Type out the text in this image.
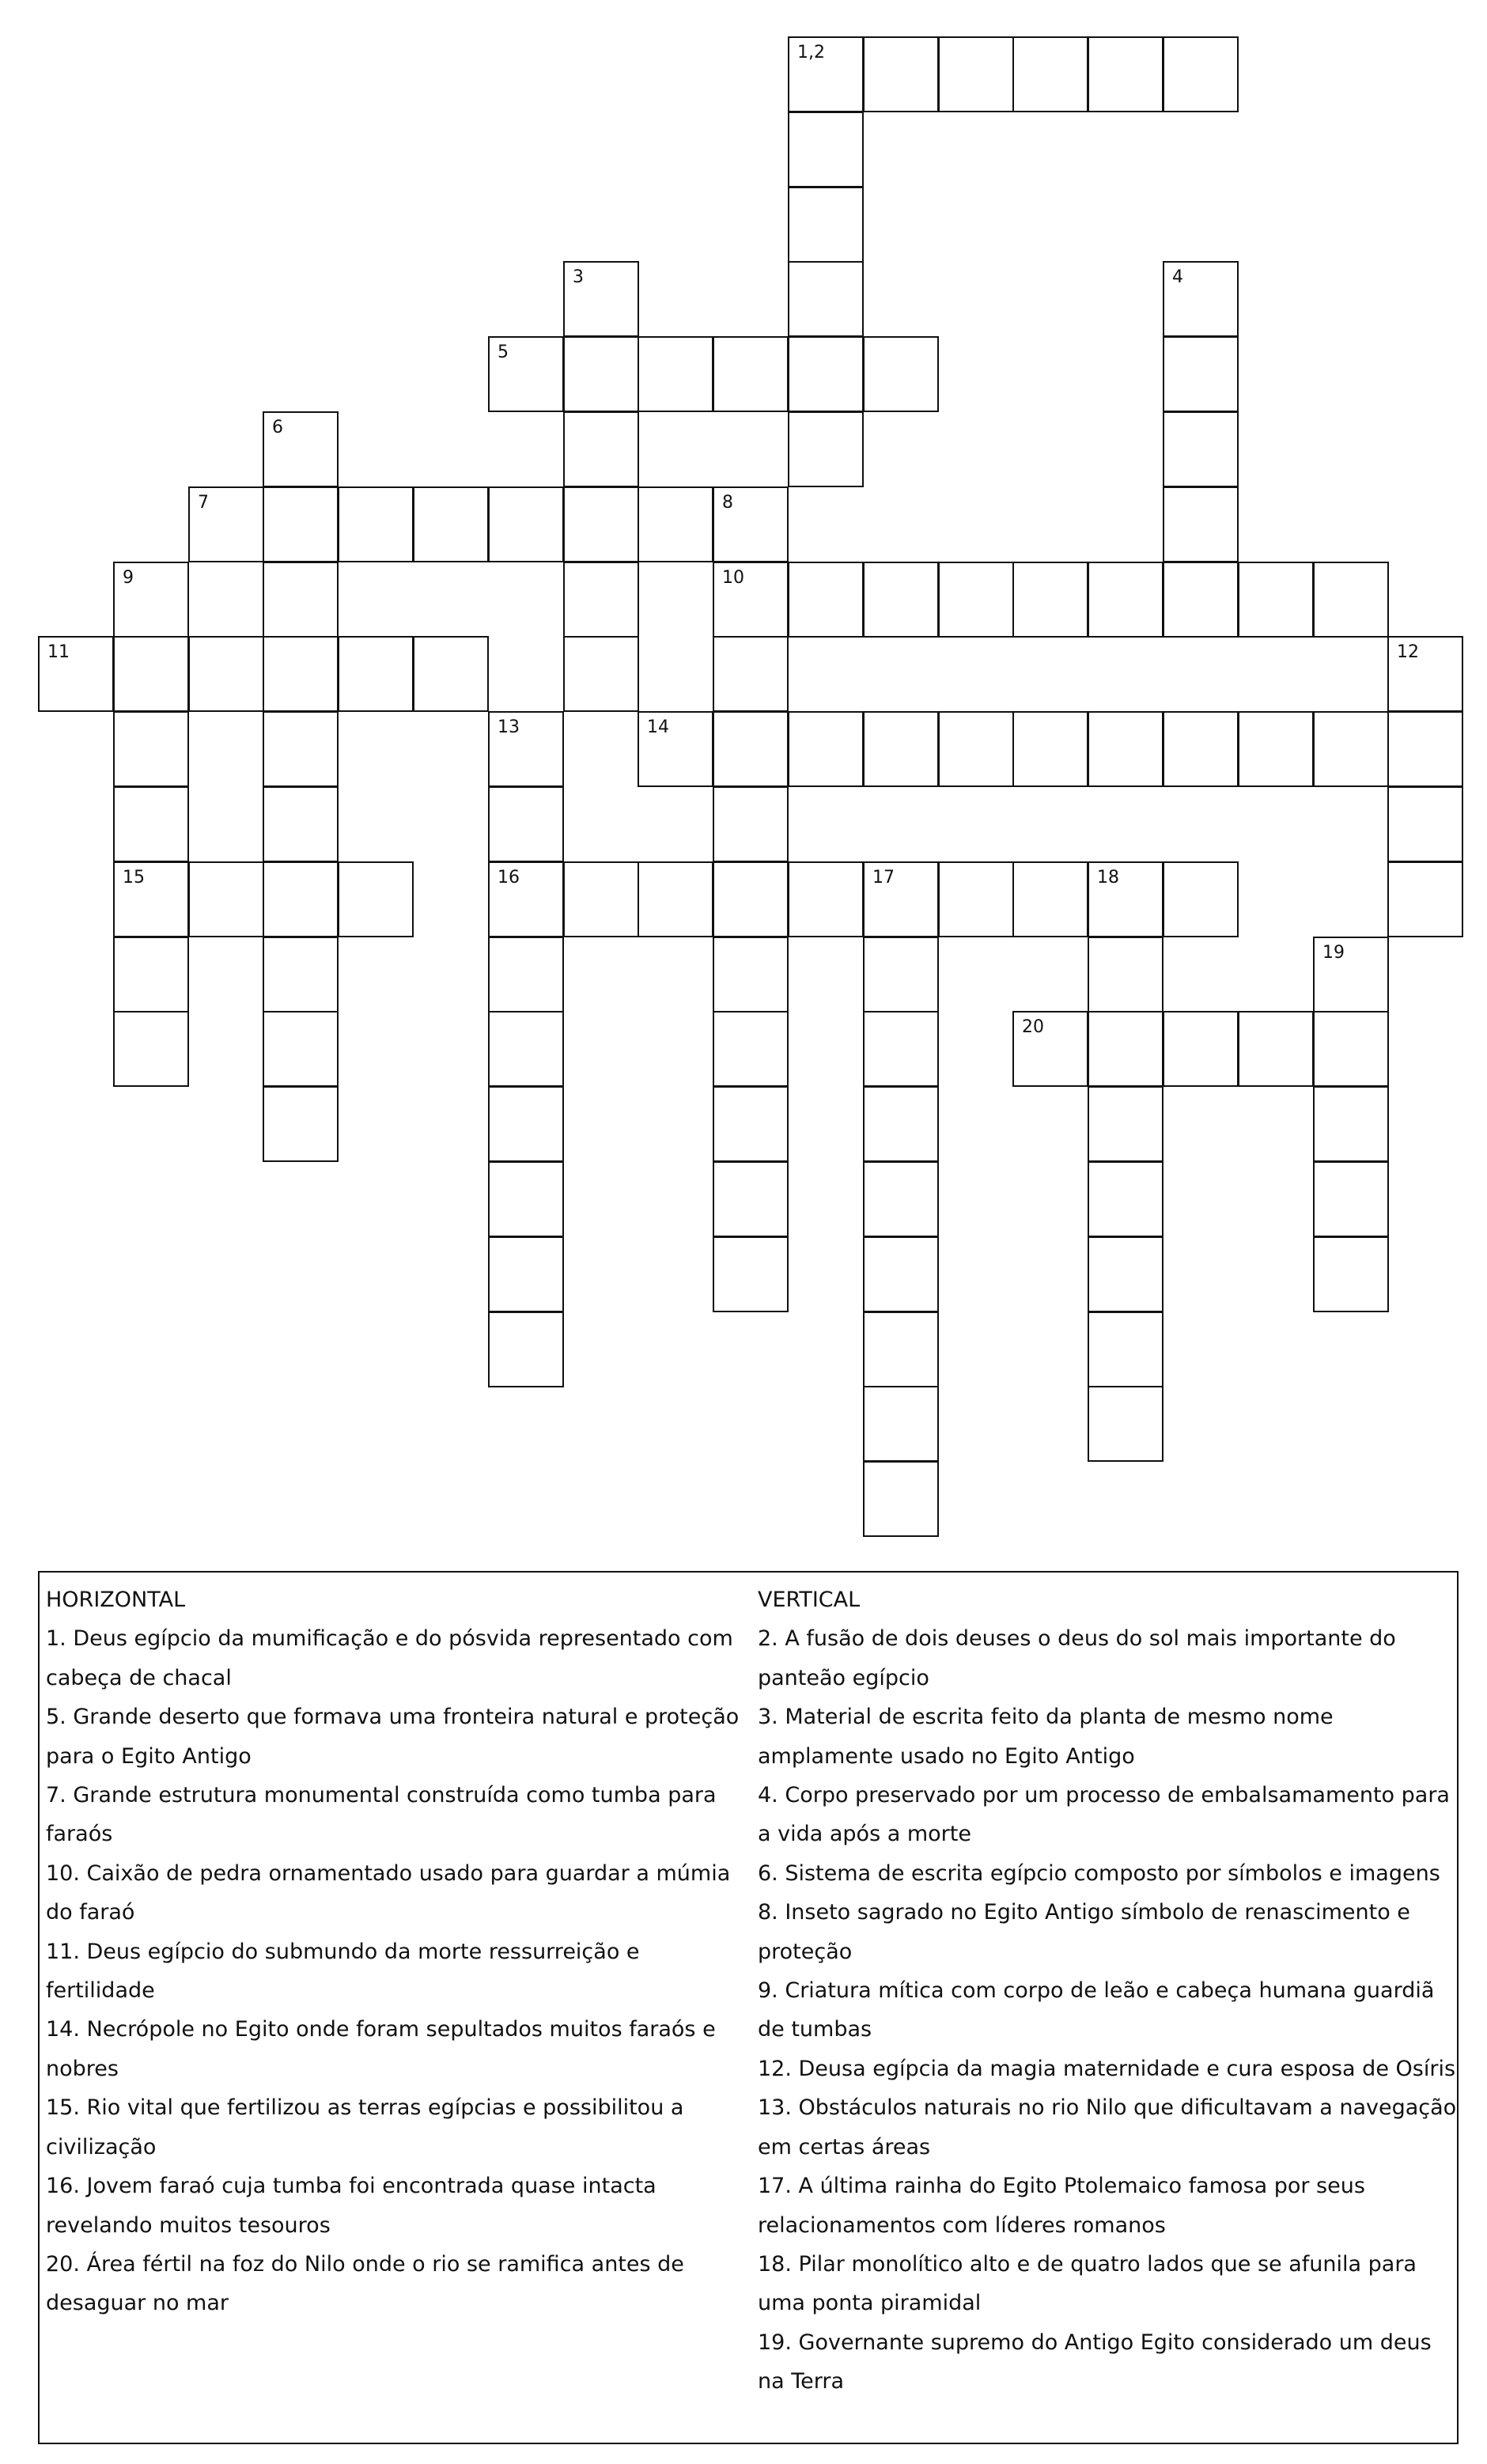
1,2
3	4
5
6
7	8
10
9
15
11	12
13
16
14
17	18
19
20

HORIZONTAL

1. Deus egípcio da mumificação e do pósvida representado com cabeça de chacal

5. Grande deserto que formava uma fronteira natural e proteção para o Egito Antigo

7. Grande estrutura monumental construída como tumba para faraós

10. Caixão de pedra ornamentado usado para guardar a múmia do faraó

11. Deus egípcio do submundo da morte ressurreição e fertilidade

14. Necrópole no Egito onde foram sepultados muitos faraós e nobres

15. Rio vital que fertilizou as terras egípcias e possibilitou a civilização

16. Jovem faraó cuja tumba foi encontrada quase intacta revelando muitos tesouros

20. Área fértil na foz do Nilo onde o rio se ramifica antes de desaguar no mar

VERTICAL

2. A fusão de dois deuses o deus do sol mais importante do panteão egípcio

3. Material de escrita feito da planta de mesmo nome amplamente usado no Egito Antigo

4. Corpo preservado por um processo de embalsamamento para a vida após a morte

6. Sistema de escrita egípcio composto por símbolos e imagens

8. Inseto sagrado no Egito Antigo símbolo de renascimento e proteção

9. Criatura mítica com corpo de leão e cabeça humana guardiã de tumbas

12. Deusa egípcia da magia maternidade e cura esposa de Osíris

13. Obstáculos naturais no rio Nilo que dificultavam a navegação em certas áreas

17. A última rainha do Egito Ptolemaico famosa por seus relacionamentos com líderes romanos

18. Pilar monolítico alto e de quatro lados que se afunila para uma ponta piramidal

19. Governante supremo do Antigo Egito considerado um deus na Terra
